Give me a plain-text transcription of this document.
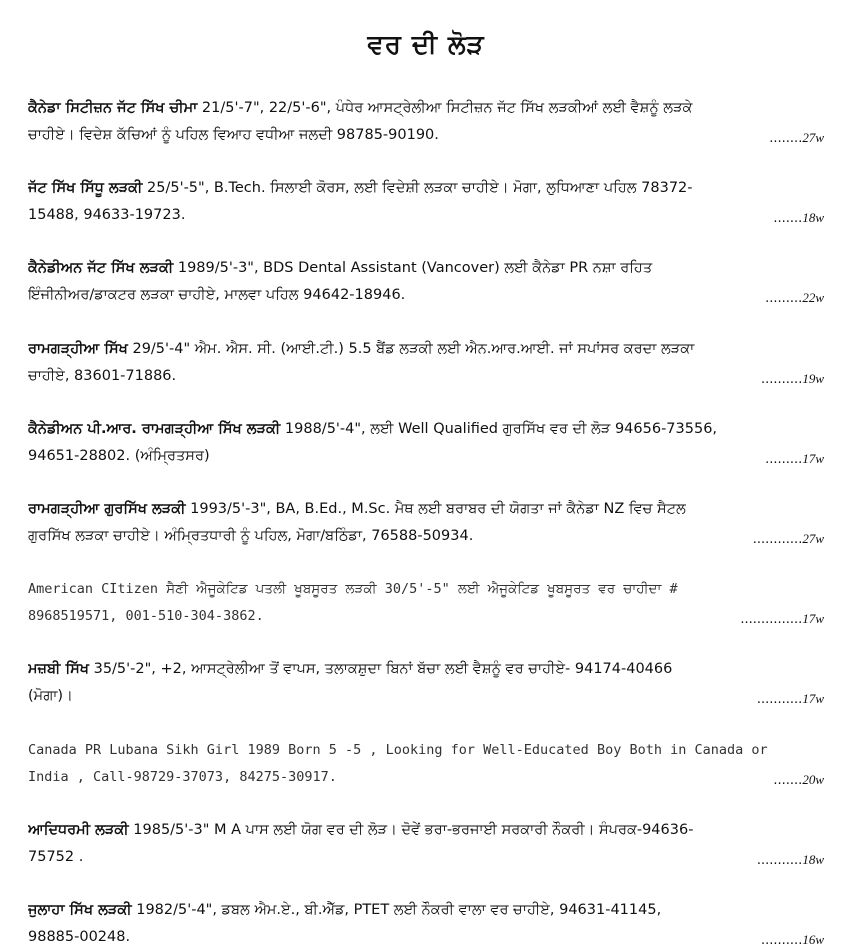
ਵਰ ਦੀ ਲੋੜ

ਕੈਨੇਡਾ ਸਿਟੀਜ਼ਨ ਜੱਟ ਸਿੱਖ ਚੀਮਾ 21/5'-7", 22/5'-6", ਪੰਧੇਰ ਆਸਟ੍ਰੇਲੀਆ ਸਿਟੀਜ਼ਨ ਜੱਟ ਸਿੱਖ ਲੜਕੀਆਂ ਲਈ ਵੈਸ਼ਨੂੰ ਲੜਕੇ

ਚਾਹੀਏ। ਵਿਦੇਸ਼ ਕੱਚਿਆਂ ਨੂੰ ਪਹਿਲ ਵਿਆਹ ਵਧੀਆ ਜਲਦੀ 98785-90190.	........27w

ਜੱਟ ਸਿੱਖ ਸਿੱਧੂ ਲੜਕੀ 25/5'-5", B.Tech. ਸਿਲਾਈ ਕੋਰਸ, ਲਈ ਵਿਦੇਸ਼ੀ ਲੜਕਾ ਚਾਹੀਏ। ਮੋਗਾ, ਲੁਧਿਆਣਾ ਪਹਿਲ 78372-

15488, 94633-19723.	.......18w

ਕੈਨੇਡੀਅਨ ਜੱਟ ਸਿੱਖ ਲੜਕੀ 1989/5'-3", BDS Dental Assistant (Vancover) ਲਈ ਕੈਨੇਡਾ PR ਨਸ਼ਾ ਰਹਿਤ

ਇੰਜੀਨੀਅਰ/ਡਾਕਟਰ ਲੜਕਾ ਚਾਹੀਏ, ਮਾਲਵਾ ਪਹਿਲ 94642-18946.	.........22w

ਰਾਮਗੜ੍ਹੀਆ ਸਿੱਖ 29/5'-4" ਐਮ. ਐਸ. ਸੀ. (ਆਈ.ਟੀ.) 5.5 ਬੈਂਡ ਲੜਕੀ ਲਈ ਐਨ.ਆਰ.ਆਈ. ਜਾਂ ਸਪਾਂਸਰ ਕਰਦਾ ਲੜਕਾ

ਚਾਹੀਏ, 83601-71886.	..........19w

ਕੈਨੇਡੀਅਨ ਪੀ.ਆਰ. ਰਾਮਗੜ੍ਹੀਆ ਸਿੱਖ ਲੜਕੀ 1988/5'-4", ਲਈ Well Qualified ਗੁਰਸਿੱਖ ਵਰ ਦੀ ਲੋੜ 94656-73556,

94651-28802. (ਅੰਮ੍ਰਿਤਸਰ)	.........17w

ਰਾਮਗੜ੍ਹੀਆ ਗੁਰਸਿੱਖ ਲੜਕੀ 1993/5'-3", BA, B.Ed., M.Sc. ਮੈਥ ਲਈ ਬਰਾਬਰ ਦੀ ਯੋਗਤਾ ਜਾਂ ਕੈਨੇਡਾ NZ ਵਿਚ ਸੈਟਲ

ਗੁਰਸਿੱਖ ਲੜਕਾ ਚਾਹੀਏ। ਅੰਮ੍ਰਿਤਧਾਰੀ ਨੂੰ ਪਹਿਲ, ਮੋਗਾ/ਬਠਿੰਡਾ, 76588-50934.	............27w

American CItizen ਸੈਣੀ ਐਜੂਕੇਟਿਡ ਪਤਲੀ ਖੂਬਸੂਰਤ ਲੜਕੀ 30/5'-5" ਲਈ ਐਜੂਕੇਟਿਡ ਖੂਬਸੂਰਤ ਵਰ ਚਾਹੀਦਾ #

8968519571, 001-510-304-3862.	...............17w

ਮਜ਼ਬੀ ਸਿੱਖ 35/5'-2", +2, ਆਸਟ੍ਰੇਲੀਆ ਤੋਂ ਵਾਪਸ, ਤਲਾਕਸ਼ੁਦਾ ਬਿਨਾਂ ਬੱਚਾ ਲਈ ਵੈਸ਼ਨੂੰ ਵਰ ਚਾਹੀਏ- 94174-40466

(ਮੋਗਾ)।	...........17w

Canada PR Lubana Sikh Girl 1989 Born 5 -5 , Looking for Well-Educated Boy Both in Canada or

India , Call-98729-37073, 84275-30917.	.......20w

ਆਦਿਧਰਮੀ ਲੜਕੀ 1985/5'-3" M A ਪਾਸ ਲਈ ਯੋਗ ਵਰ ਦੀ ਲੋੜ। ਦੋਵੇਂ ਭਰਾ-ਭਰਜਾਈ ਸਰਕਾਰੀ ਨੌਕਰੀ। ਸੰਪਰਕ-94636-

75752 .	...........18w

ਜੁਲਾਹਾ ਸਿੱਖ ਲੜਕੀ 1982/5'-4", ਡਬਲ ਐਮ.ਏ., ਬੀ.ਐੱਡ, PTET ਲਈ ਨੌਕਰੀ ਵਾਲਾ ਵਰ ਚਾਹੀਏ, 94631-41145,

98885-00248.	..........16w
